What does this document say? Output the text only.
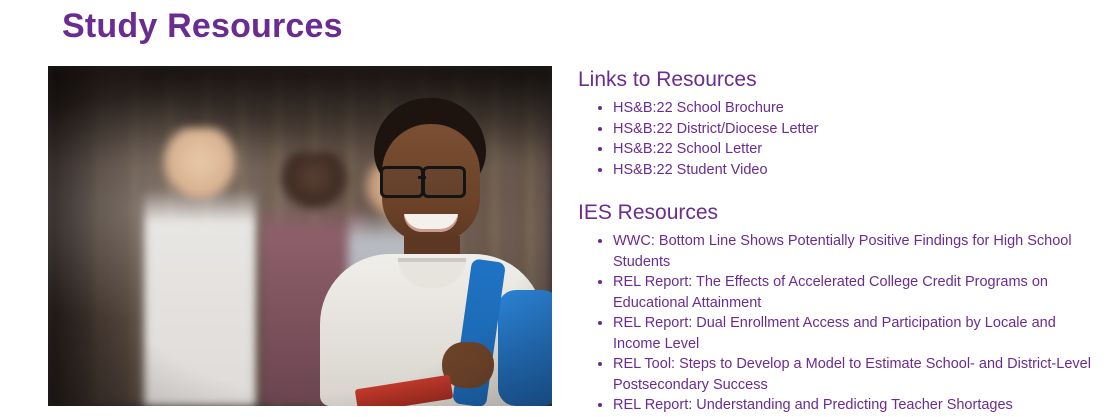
Study Resources
Links to Resources
• HS&B:22 School Brochure
• HS&B:22 District/Diocese Letter
• HS&B:22 School Letter
• HS&B:22 Student Video
IES Resources
• WWC: Bottom Line Shows Potentially Positive Findings for High School Students
• REL Report: The Effects of Accelerated College Credit Programs on Educational Attainment
• REL Report: Dual Enrollment Access and Participation by Locale and Income Level
• REL Tool: Steps to Develop a Model to Estimate School- and District-Level Postsecondary Success
• REL Report: Understanding and Predicting Teacher Shortages
